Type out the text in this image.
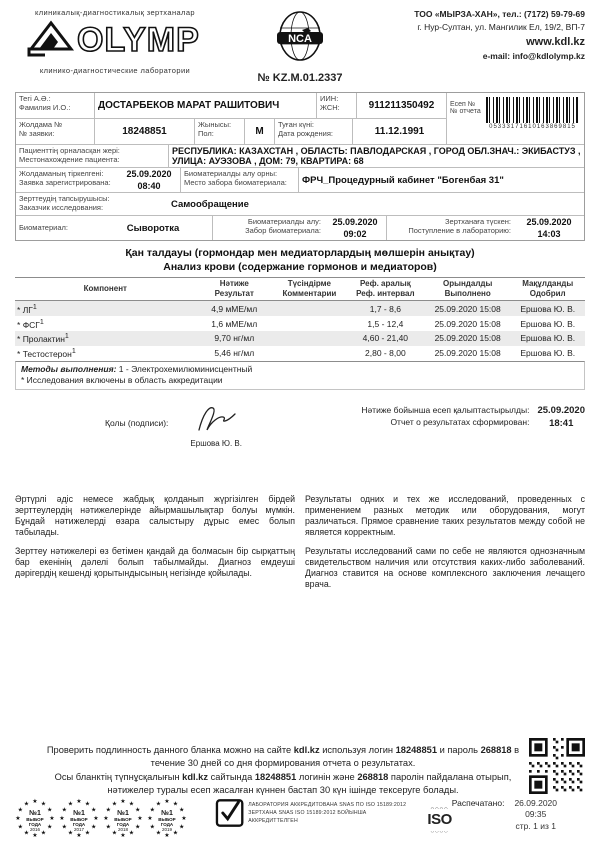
клиникалық-диагностикалық зертханалар
OLYMP
клинико-диагностические лаборатории
NCA
№ KZ.M.01.2337
ТОО «МЫРЗА-ХАН», тел.: (7172) 59-79-69
г. Нур-Султан, ул. Мангилик Ел, 19/2, ВП-7
www.kdl.kz
e-mail: info@kdlolymp.kz
Тегі А.Ә.:
Фамилия И.О.:	ДОСТАРБЕКОВ МАРАТ РАШИТОВИЧ
ИИН:
ЖСН:	911211350492
Жолдама №
№ заявки:	18248851
Жынысы:
Пол:	М
Туған күні:
Дата рождения:	11.12.1991
Есеп №
№ отчета
05333171610163869815
Пациенттің орналасқан жері:
Местонахождение пациента:
РЕСПУБЛИКА: КАЗАХСТАН , ОБЛАСТЬ: ПАВЛОДАРСКАЯ , ГОРОД ОБЛ.ЗНАЧ.: ЭКИБАСТУЗ , УЛИЦА: АУЭЗОВА , ДОМ: 79, КВАРТИРА: 68
Жолдаманың тіркелгені:
Заявка зарегистрирована:
25.09.2020
08:40
Биоматериалды алу орны:
Место забора биоматериала:	ФРЧ_Процедурный кабинет "Богенбая 31"
Зерттеудің тапсырушысы:
Заказчик исследования:	Самообращение
Биоматериал:	Сыворотка
Биоматериалды алу:
Забор биоматериала:
25.09.2020
09:02
Зертханаға түскен:
Поступление в лабораторию:
25.09.2020
14:03
Қан талдауы (гормондар мен медиаторлардың мөлшерін анықтау)
Анализ крови (содержание гормонов и медиаторов)
Компонент	
Нәтиже
Результат

Түсіндірме
Комментарии

Реф. аралық
Реф. интервал

Орындалды
Выполнено

Мақұлданды
Одобрил

* $ЛГ^1$	4,9 мМЕ/мл		1,7 - 8,6	25.09.2020 15:08	Ершова Ю. В.
* ФСГ$^1$	1,6 мМЕ/мл		1,5 - 12,4	25.09.2020 15:08	Ершова Ю. В.
* Пролактин$^1$	9,70 нг/мл		4,60 - 21,40	25.09.2020 15:08	Ершова Ю. В.
* Тестостерон$^1$	5,46 нг/мл		2,80 - 8,00	25.09.2020 15:08	Ершова Ю. В.
Методы выполнения: 1 - Электрохемилюминисцентный
* Исследования включены в область аккредитации
Қолы (подписи):
Ершова Ю. В.
Нәтиже бойынша есеп қалыптастырылды:
Отчет о результатах сформирован:
25.09.2020
18:41

Әртүрлі әдіс немесе жабдық қолданып жүргізілген бірдей зерттеулердің нәтижелерінде айырмашылықтар болуы мүмкін. Бұндай нәтижелерді өзара салыстыру дұрыс емес болып табылады.

Зерттеу нәтижелері өз бетімен қандай да болмасын бір сырқаттың бар екенінің дәлелі болып табылмайды. Диагноз емдеуші дәрігердің кешенді қорытындысының негізінде қойылады.

Результаты одних и тех же исследований, проведенных с применением разных методик или оборудования, могут различаться. Прямое сравнение таких результатов между собой не является корректным.

Результаты исследований сами по себе не являются однозначным свидетельством наличия или отсутствия каких-либо заболеваний. Диагноз ставится на основе комплексного заключения лечащего врача.

Проверить подлинность данного бланка можно на сайте kdl.kz используя логин 18248851 и пароль 268818 в течение 30 дней со дня формирования отчета о результатах.
Осы бланктің түпнұсқалығын kdl.kz сайтында 18248851 логинін және 268818 паролін пайдалана отырып, нәтижелер туралы есеп жасалған күннен бастап 30 күн ішінде тексеруге болады.
★
★
★
★
★
★
★
★
★ ★ ★
★
№1
ВЫБОР
ГОДА
2016
★
★
★
★
★
★
★
★
★ ★ ★
★
№1
ВЫБОР
ГОДА
2017
★
★
★
★
★
★
★
★
★ ★ ★
★
№1
ВЫБОР
ГОДА
2018
★
★
★
★
★
★
★
★
★ ★ ★
★
№1
ВЫБОР
ГОДА
2019
ЛАБОРАТОРИЯ АККРЕДИТОВАНА SNAS ПО ISO 15189:2012
ЗЕРТХАНА SNAS ISO 15189:2012 БОЙЫНША АККРЕДИТТЕЛГЕН
◠◠◠◠
ISO
◡◡◡◡
Распечатано: 26.09.2020
09:35
стр. 1 из 1
